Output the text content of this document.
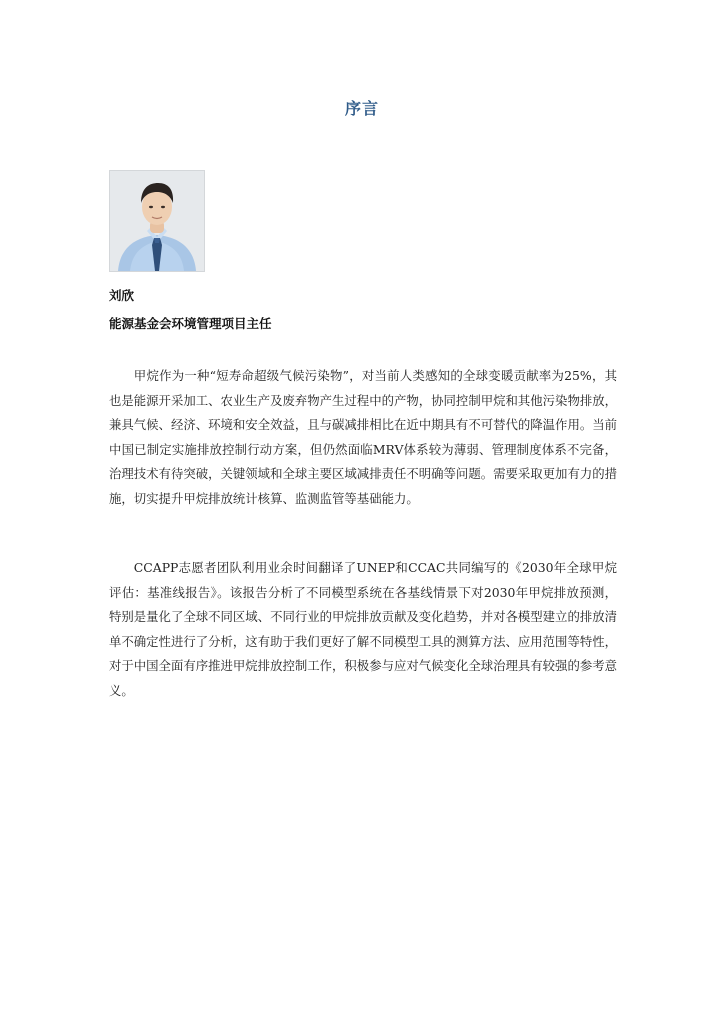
序言
刘欣
能源基金会环境管理项目主任

甲烷作为一种“短寿命超级气候污染物”，对当前人类感知的全球变暖贡献率为25%，其也是能源开采加工、农业生产及废弃物产生过程中的产物，协同控制甲烷和其他污染物排放，兼具气候、经济、环境和安全效益，且与碳减排相比在近中期具有不可替代的降温作用。当前中国已制定实施排放控制行动方案，但仍然面临MRV体系较为薄弱、管理制度体系不完备，治理技术有待突破，关键领域和全球主要区域减排责任不明确等问题。需要采取更加有力的措施，切实提升甲烷排放统计核算、监测监管等基础能力。

CCAPP志愿者团队利用业余时间翻译了UNEP和CCAC共同编写的《2030年全球甲烷评估：基准线报告》。该报告分析了不同模型系统在各基线情景下对2030年甲烷排放预测，特别是量化了全球不同区域、不同行业的甲烷排放贡献及变化趋势，并对各模型建立的排放清单不确定性进行了分析，这有助于我们更好了解不同模型工具的测算方法、应用范围等特性，对于中国全面有序推进甲烷排放控制工作，积极参与应对气候变化全球治理具有较强的参考意义。
